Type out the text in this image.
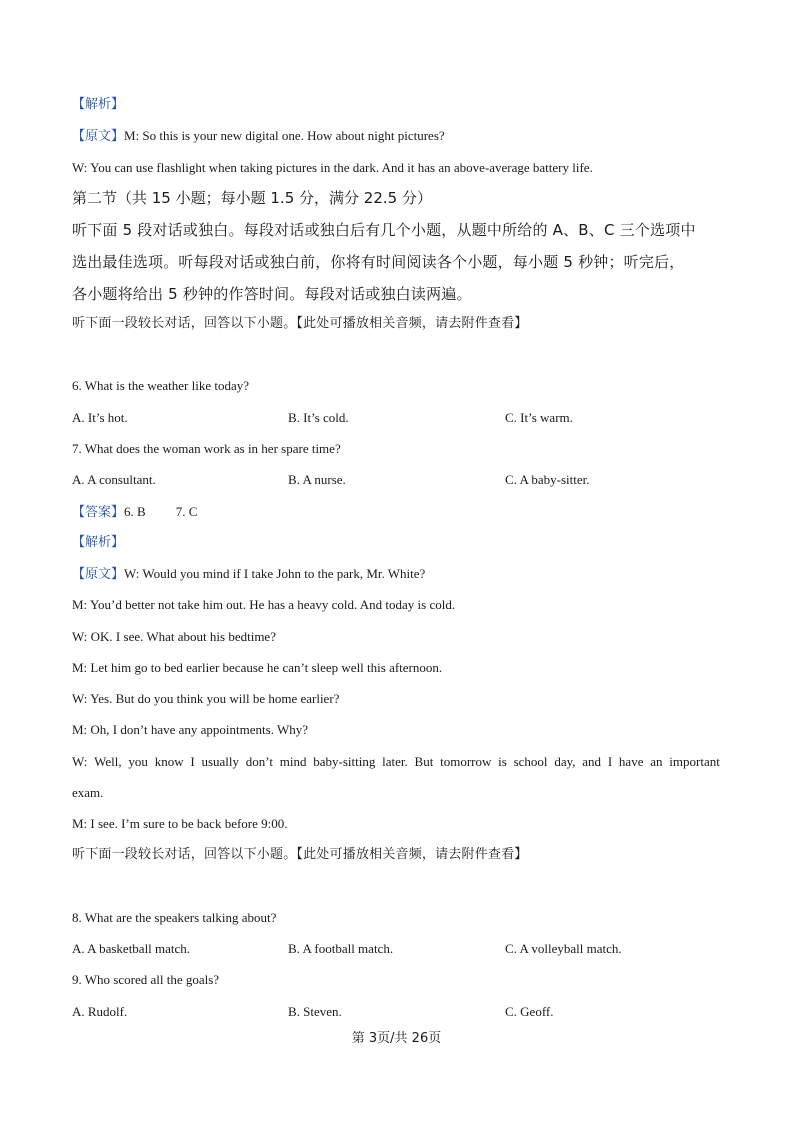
【解析】
【原文】M: So this is your new digital one. How about night pictures?
W: You can use flashlight when taking pictures in the dark. And it has an above-average battery life.
第二节（共 15 小题；每小题 1.5 分，满分 22.5 分）
听下面 5 段对话或独白。每段对话或独白后有几个小题，从题中所给的 A、B、C 三个选项中
选出最佳选项。听每段对话或独白前，你将有时间阅读各个小题，每小题 5 秒钟；听完后，
各小题将给出 5 秒钟的作答时间。每段对话或独白读两遍。
听下面一段较长对话，回答以下小题。【此处可播放相关音频，请去附件查看】
6. What is the weather like today?
A. It’s hot.	B. It’s cold.	C. It’s warm.
7. What does the woman work as in her spare time?
A. A consultant.	B. A nurse.	C. A baby-sitter.
【答案】6. B 7. C
【解析】
【原文】W: Would you mind if I take John to the park, Mr. White?
M: You’d better not take him out. He has a heavy cold. And today is cold.
W: OK. I see. What about his bedtime?
M: Let him go to bed earlier because he can’t sleep well this afternoon.
W: Yes. But do you think you will be home earlier?
M: Oh, I don’t have any appointments. Why?
W: Well, you know I usually don’t mind baby-sitting later. But tomorrow is school day, and I have an important
exam.
M: I see. I’m sure to be back before 9:00.
听下面一段较长对话，回答以下小题。【此处可播放相关音频，请去附件查看】
8. What are the speakers talking about?
A. A basketball match.	B. A football match.	C. A volleyball match.
9. Who scored all the goals?
A. Rudolf.	B. Steven.	C. Geoff.
第 3页/共 26页
